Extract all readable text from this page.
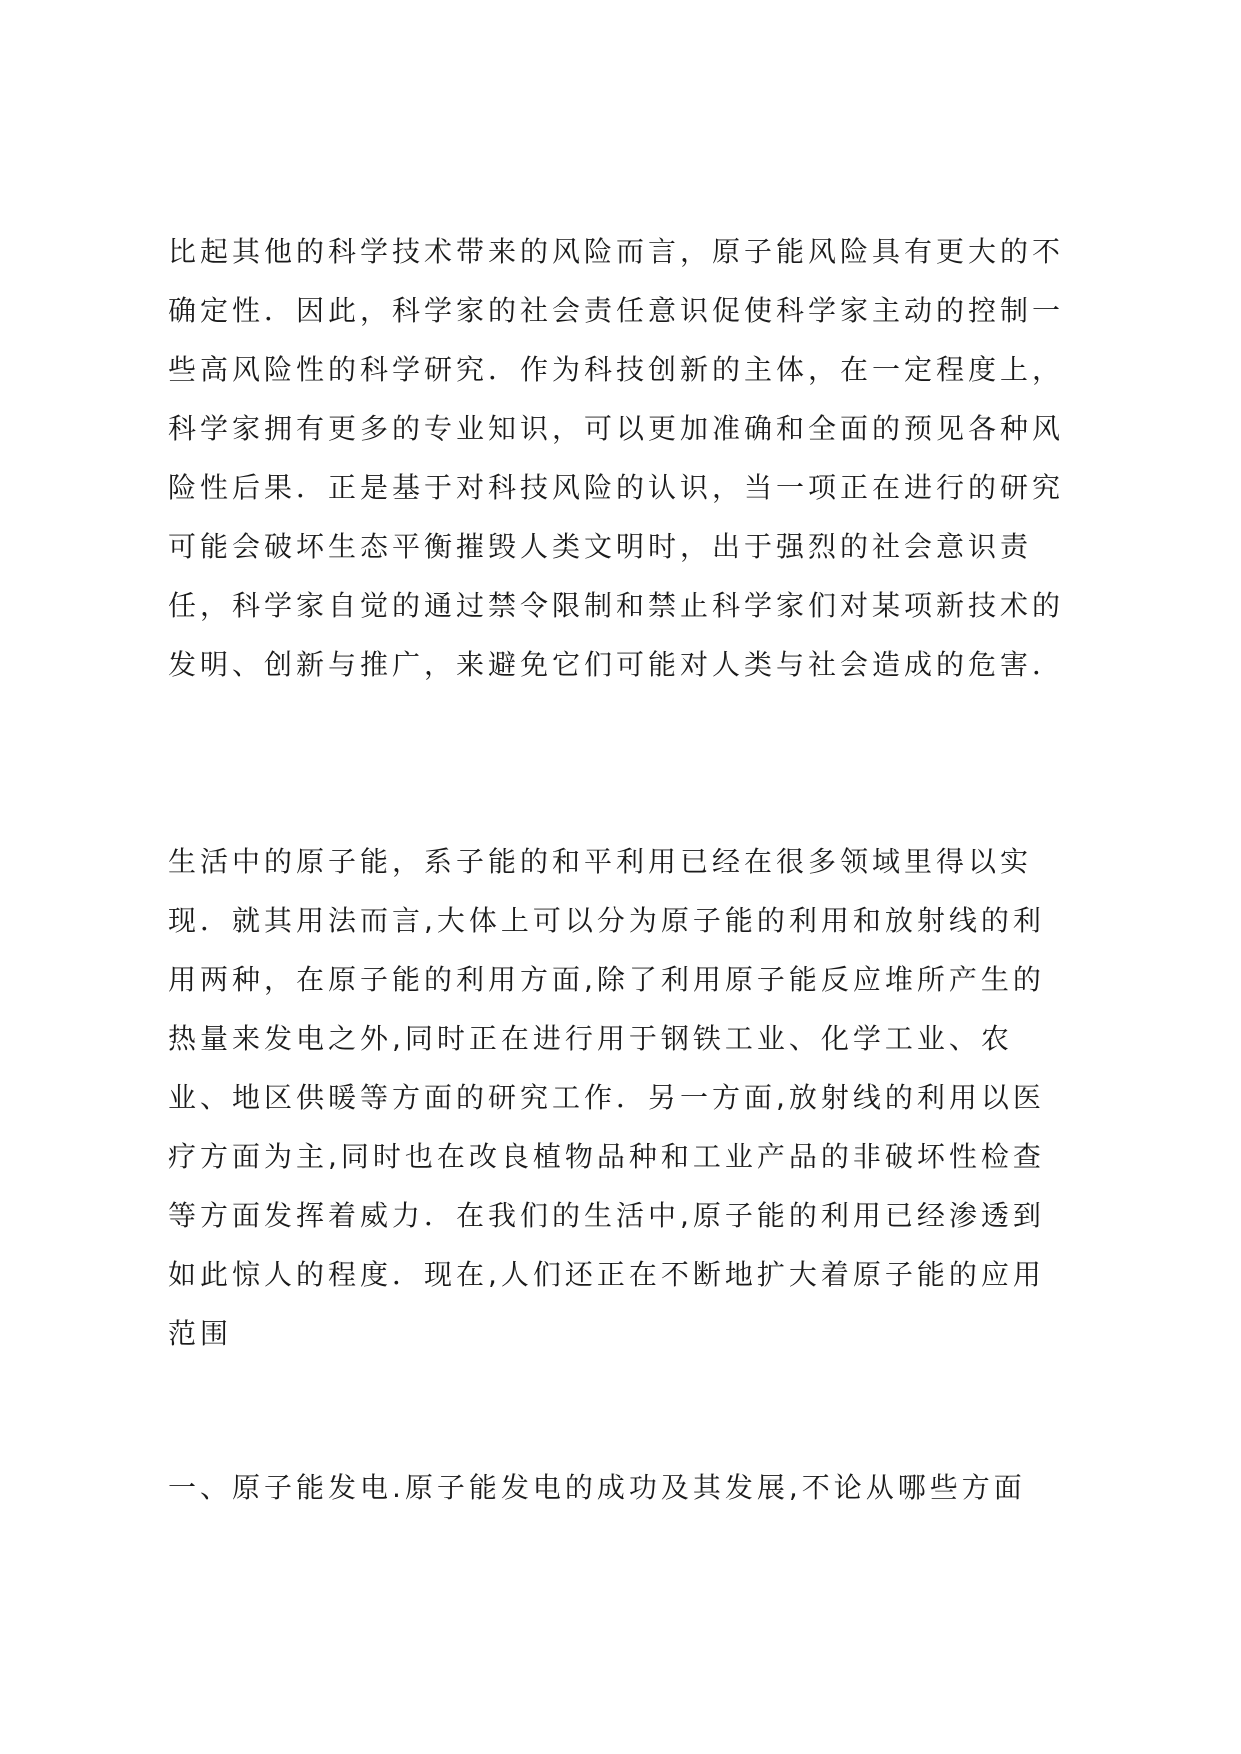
比起其他的科学技术带来的风险而言，原子能风险具有更大的不
确定性．因此，科学家的社会责任意识促使科学家主动的控制一
些高风险性的科学研究．作为科技创新的主体，在一定程度上，
科学家拥有更多的专业知识，可以更加准确和全面的预见各种风
险性后果．正是基于对科技风险的认识，当一项正在进行的研究
可能会破坏生态平衡摧毁人类文明时，出于强烈的社会意识责
任，科学家自觉的通过禁令限制和禁止科学家们对某项新技术的
发明、创新与推广，来避免它们可能对人类与社会造成的危害．
生活中的原子能，系子能的和平利用已经在很多领域里得以实
现．就其用法而言,大体上可以分为原子能的利用和放射线的利
用两种，在原子能的利用方面,除了利用原子能反应堆所产生的
热量来发电之外,同时正在进行用于钢铁工业、化学工业、农
业、地区供暖等方面的研究工作．另一方面,放射线的利用以医
疗方面为主,同时也在改良植物品种和工业产品的非破坏性检查
等方面发挥着威力．在我们的生活中,原子能的利用已经渗透到
如此惊人的程度．现在,人们还正在不断地扩大着原子能的应用
范围
一、原子能发电.原子能发电的成功及其发展,不论从哪些方面
